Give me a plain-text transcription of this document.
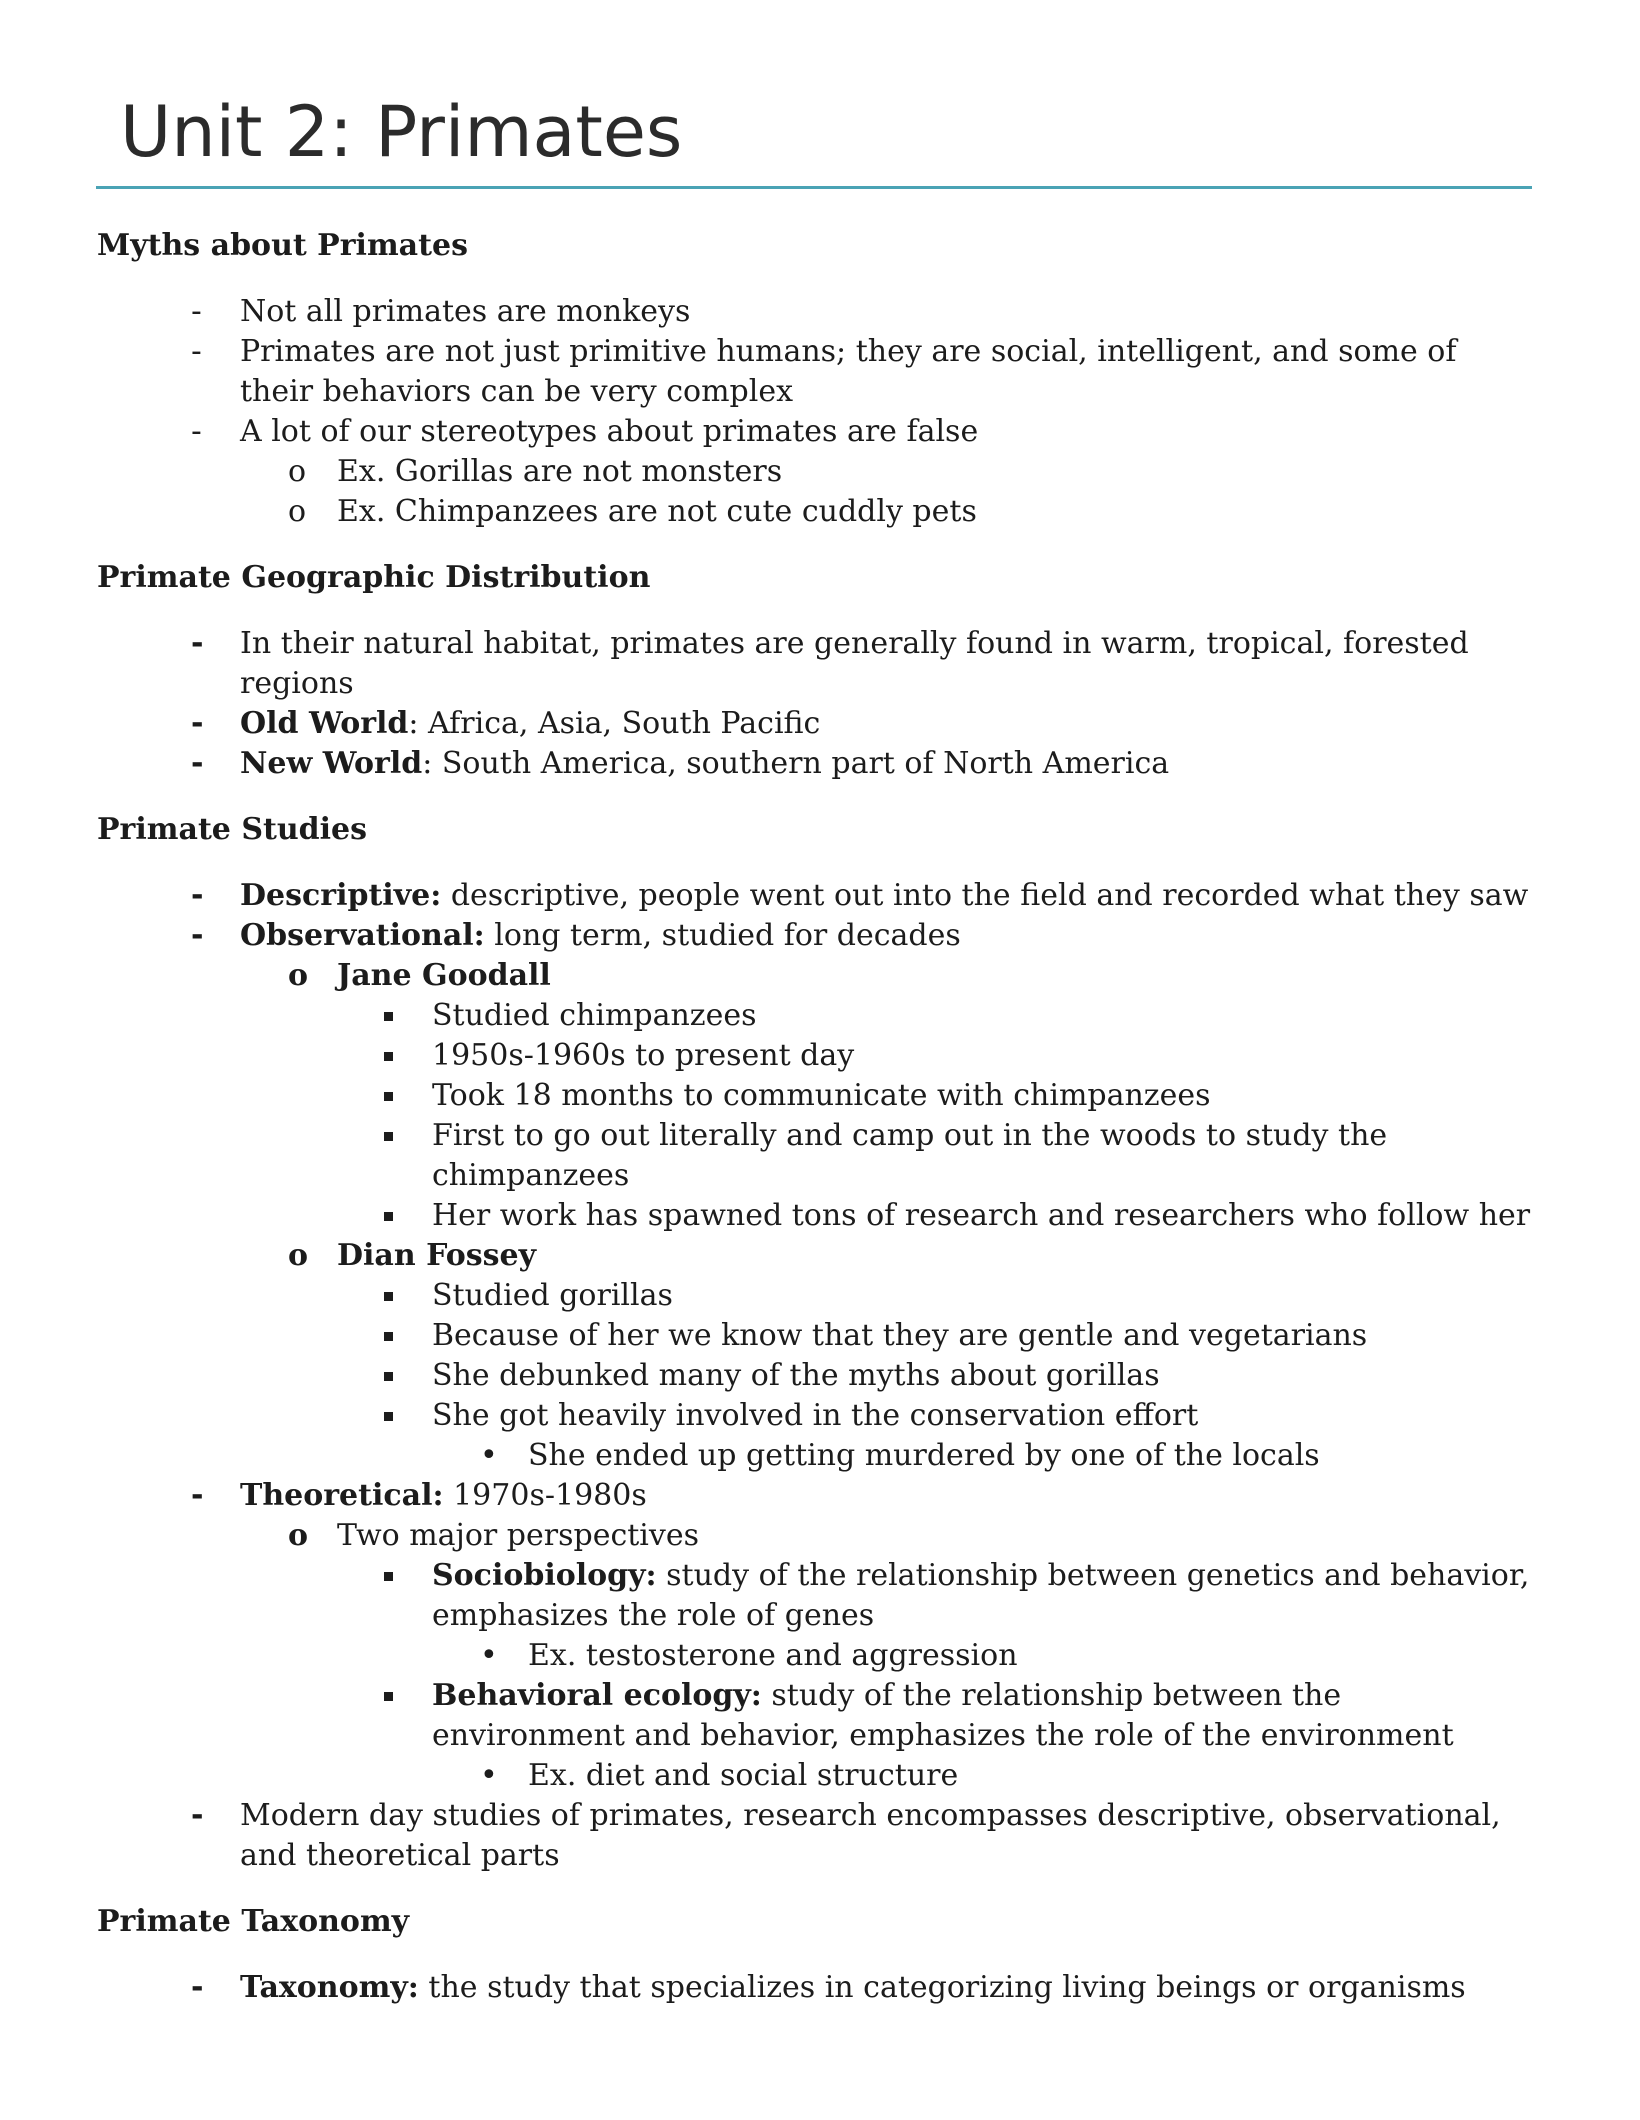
Unit 2: Primates

Myths about Primates

- Not all primates are monkeys
- Primates are not just primitive humans; they are social, intelligent, and some of their behaviors can be very complex
- A lot of our stereotypes about primates are false
o Ex. Gorillas are not monsters
o Ex. Chimpanzees are not cute cuddly pets

Primate Geographic Distribution

- In their natural habitat, primates are generally found in warm, tropical, forested regions
- Old World: Africa, Asia, South Pacific
- New World: South America, southern part of North America

Primate Studies

- Descriptive: descriptive, people went out into the field and recorded what they saw
- Observational: long term, studied for decades
o Jane Goodall
Studied chimpanzees
1950s-1960s to present day
Took 18 months to communicate with chimpanzees
First to go out literally and camp out in the woods to study the chimpanzees
Her work has spawned tons of research and researchers who follow her
o Dian Fossey
Studied gorillas
Because of her we know that they are gentle and vegetarians
She debunked many of the myths about gorillas
She got heavily involved in the conservation effort
• She ended up getting murdered by one of the locals
- Theoretical: 1970s-1980s
o Two major perspectives
Sociobiology: study of the relationship between genetics and behavior, emphasizes the role of genes
• Ex. testosterone and aggression
Behavioral ecology: study of the relationship between the environment and behavior, emphasizes the role of the environment
• Ex. diet and social structure
- Modern day studies of primates, research encompasses descriptive, observational, and theoretical parts

Primate Taxonomy

- Taxonomy: the study that specializes in categorizing living beings or organisms
